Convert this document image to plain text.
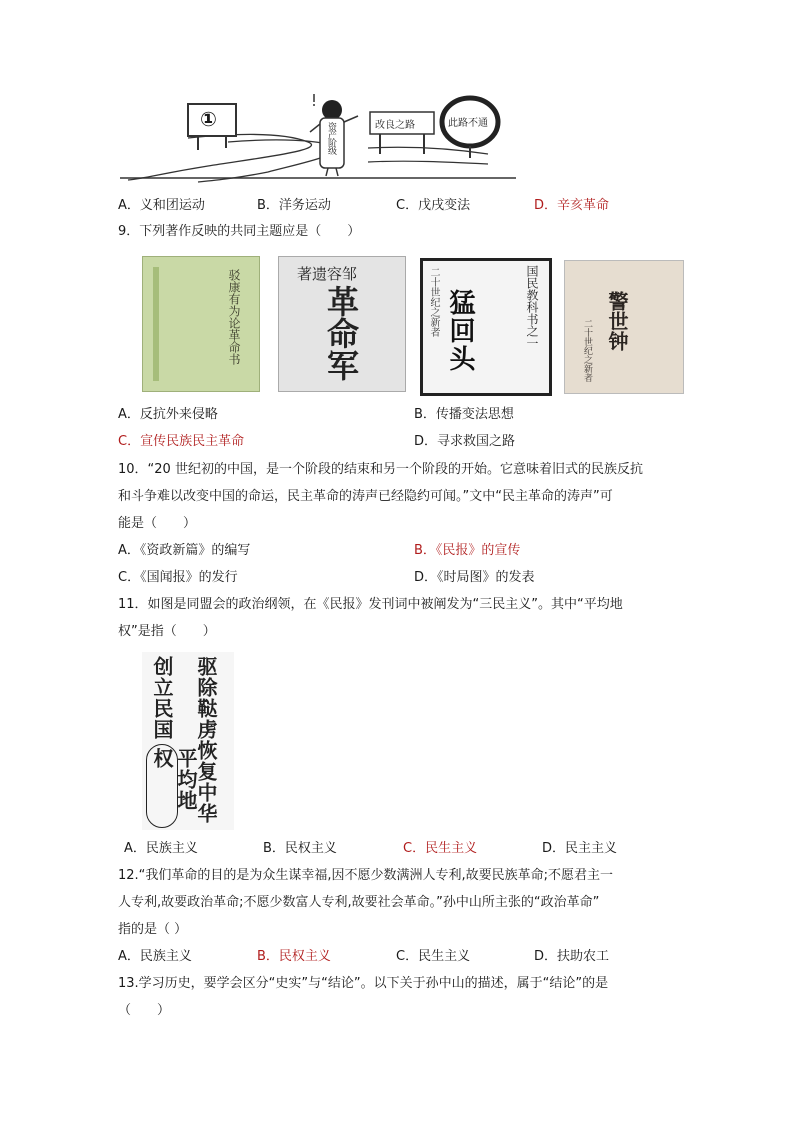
①
资产阶级	改良之路	此路不通
A．义和团运动	B．洋务运动	C．戊戌变法	D．辛亥革命
9．下列著作反映的共同主题应是（　　）
驳康有为论革命书	著遗容邹
革命军	国民教科书之一
猛回头
二十世纪之新者	警世钟
二十世纪之新者
A．反抗外来侵略	B．传播变法思想
C．宣传民族民主革命	D．寻求救国之路
10．“20 世纪初的中国，是一个阶段的结束和另一个阶段的开始。它意味着旧式的民族反抗
和斗争难以改变中国的命运，民主革命的涛声已经隐约可闻。”文中“民主革命的涛声”可
能是（　　）
A．《资政新篇》的编写	B．《民报》的宣传
C．《国闻报》的发行	D．《时局图》的发表
11．如图是同盟会的政治纲领，在《民报》发刊词中被阐发为“三民主义”。其中“平均地
权”是指（　　）
驱除鞑虏恢复中华
创立民国
平均地权
A．民族主义	B．民权主义	C．民生主义	D．民主主义
12.“我们革命的目的是为众生谋幸福,因不愿少数满洲人专利,故要民族革命;不愿君主一
人专利,故要政治革命;不愿少数富人专利,故要社会革命。”孙中山所主张的“政治革命”
指的是（ ）
A．民族主义	B．民权主义	C．民生主义	D．扶助农工
13.学习历史，要学会区分“史实”与“结论”。以下关于孙中山的描述，属于“结论”的是
（　　）
